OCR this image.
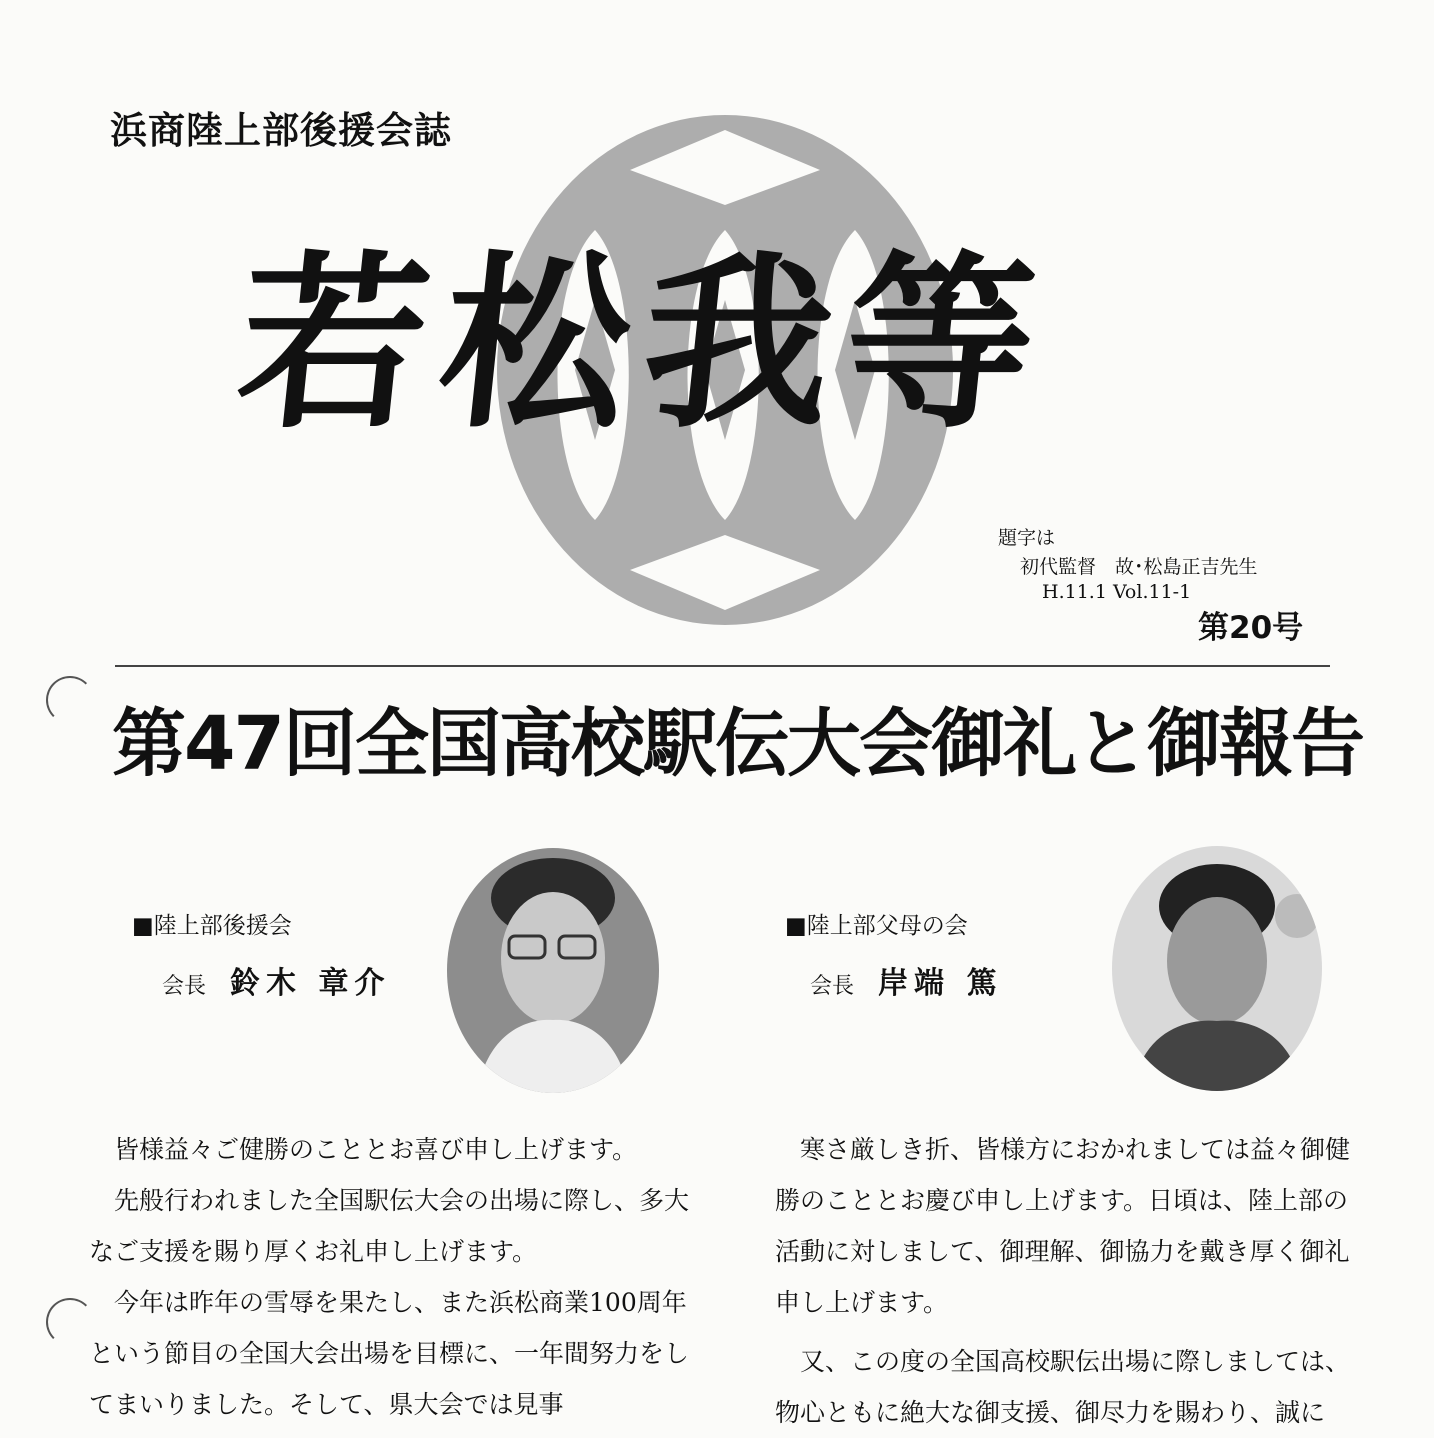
浜商陸上部後援会誌
若松我等
題字は
初代監督　故･松島正吉先生
H.11.1 Vol.11-1
第20号
第47回全国高校駅伝大会御礼と御報告
■陸上部後援会
会長 鈴木 章介

皆様益々ご健勝のこととお喜び申し上げます。

先般行われました全国駅伝大会の出場に際し、多大なご支援を賜り厚くお礼申し上げます。

今年は昨年の雪辱を果たし、また浜松商業100周年という節目の全国大会出場を目標に、一年間努力をしてまいりました。そして、県大会では見事

■陸上部父母の会
会長 岸端 篤

寒さ厳しき折、皆様方におかれましては益々御健勝のこととお慶び申し上げます。日頃は、陸上部の活動に対しまして、御理解、御協力を戴き厚く御礼申し上げます。

又、この度の全国高校駅伝出場に際しましては、物心ともに絶大な御支援、御尽力を賜わり、誠に
